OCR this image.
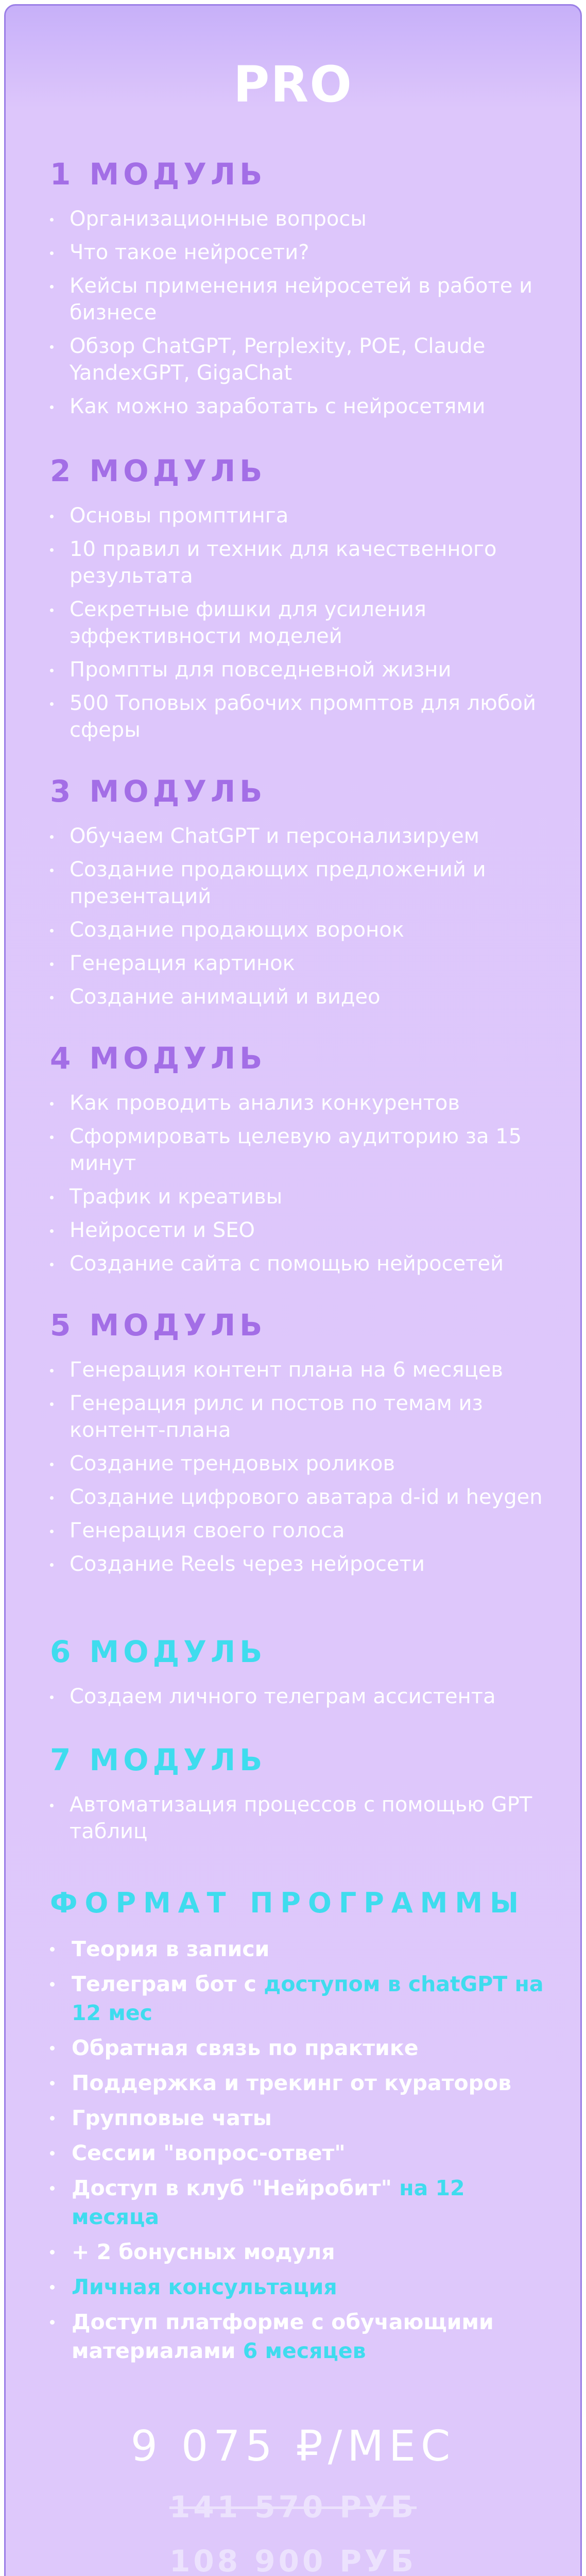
PRO
1 МОДУЛЬ
Организационные вопросы
Что такое нейросети?
Кейсы применения нейросетей в работе и бизнесе
Обзор ChatGPT, Perplexity, POE, Claude YandexGPT, GigaChat
Как можно заработать с нейросетями
2 МОДУЛЬ
Основы промптинга
10 правил и техник для качественного результата
Секретные фишки для усиления эффективности моделей
Промпты для повседневной жизни
500 Топовых рабочих промптов для любой сферы
3 МОДУЛЬ
Обучаем ChatGPT и персонализируем
Создание продающих предложений и презентаций
Создание продающих воронок
Генерация картинок
Создание анимаций и видео
4 МОДУЛЬ
Как проводить анализ конкурентов
Сформировать целевую аудиторию за 15 минут
Трафик и креативы
Нейросети и SEO
Создание сайта с помощью нейросетей
5 МОДУЛЬ
Генерация контент плана на 6 месяцев
Генерация рилс и постов по темам из контент-плана
Создание трендовых роликов
Создание цифрового аватара d-id и heygen
Генерация своего голоса
Создание Reels через нейросети
6 МОДУЛЬ
Создаем личного телеграм ассистента
7 МОДУЛЬ
Автоматизация процессов с помощью GPT таблиц
ФОРМАТ ПРОГРАММЫ
Теория в записи
Телеграм бот с доступом в chatGPT на 12 мес
Обратная связь по практике
Поддержка и трекинг от кураторов
Групповые чаты
Сессии "вопрос-ответ"
Доступ в клуб "Нейробит" на 12 месяца
+ 2 бонусных модуля
Личная консультация
Доступ платформе с обучающими материалами 6 месяцев
9 075 ₽/МЕС
141 570 РУБ
108 900 РУБ
